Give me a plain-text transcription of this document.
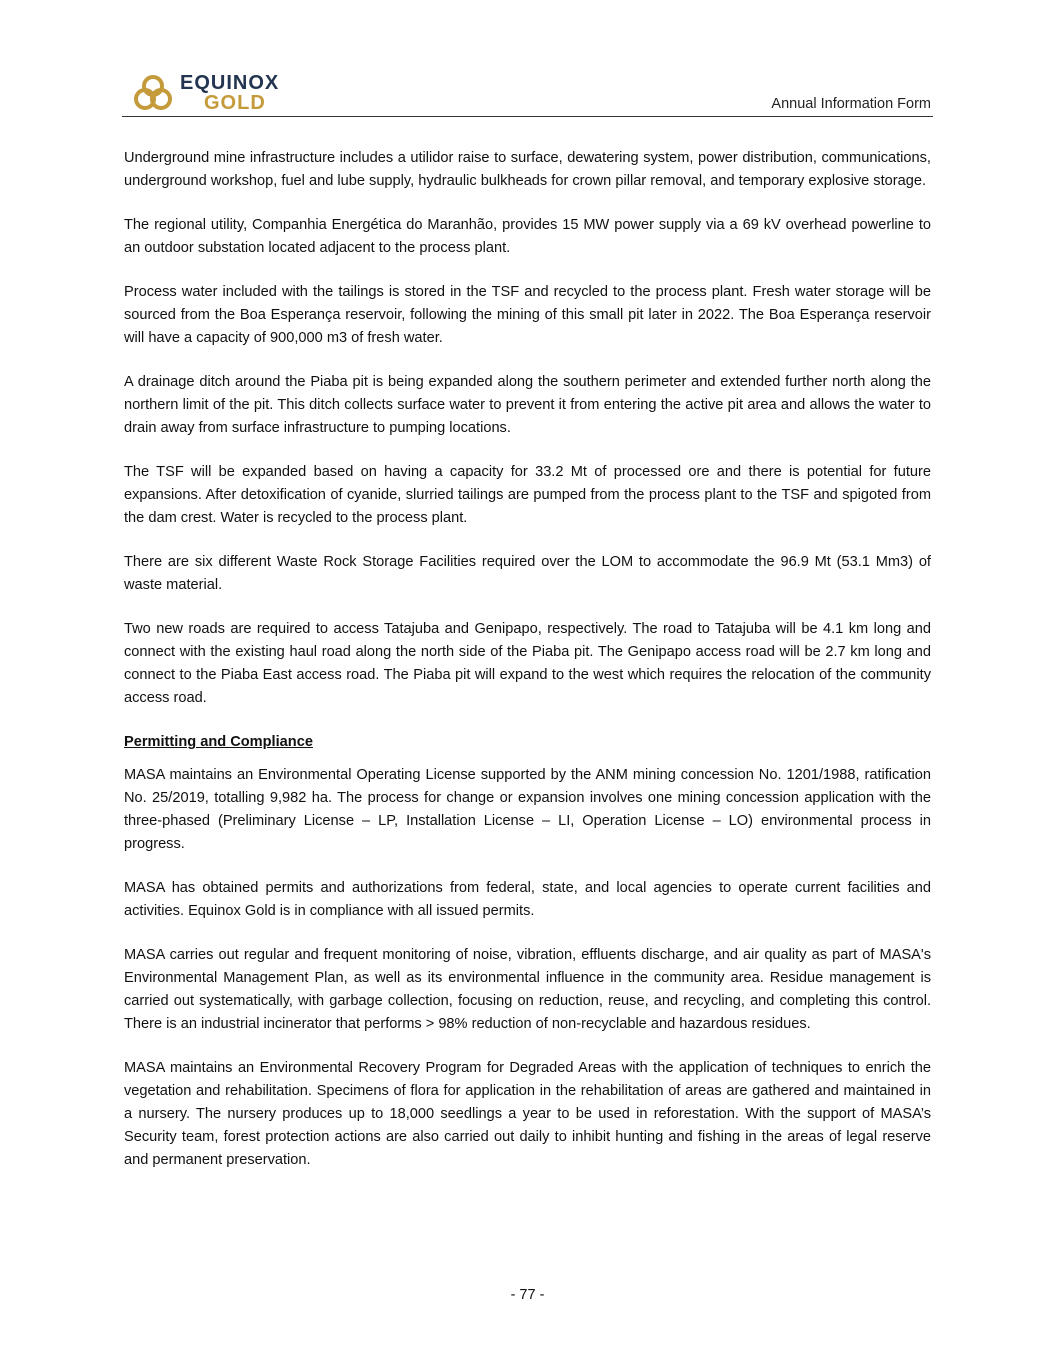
EQUINOX
GOLD	Annual Information Form

Underground mine infrastructure includes a utilidor raise to surface, dewatering system, power distribution, communications, underground workshop, fuel and lube supply, hydraulic bulkheads for crown pillar removal, and temporary explosive storage.

The regional utility, Companhia Energética do Maranhão, provides 15 MW power supply via a 69 kV overhead powerline to an outdoor substation located adjacent to the process plant.

Process water included with the tailings is stored in the TSF and recycled to the process plant. Fresh water storage will be sourced from the Boa Esperança reservoir, following the mining of this small pit later in 2022. The Boa Esperança reservoir will have a capacity of 900,000 m3 of fresh water.

A drainage ditch around the Piaba pit is being expanded along the southern perimeter and extended further north along the northern limit of the pit. This ditch collects surface water to prevent it from entering the active pit area and allows the water to drain away from surface infrastructure to pumping locations.

The TSF will be expanded based on having a capacity for 33.2 Mt of processed ore and there is potential for future expansions. After detoxification of cyanide, slurried tailings are pumped from the process plant to the TSF and spigoted from the dam crest. Water is recycled to the process plant.

There are six different Waste Rock Storage Facilities required over the LOM to accommodate the 96.9 Mt (53.1 Mm3) of waste material.

Two new roads are required to access Tatajuba and Genipapo, respectively. The road to Tatajuba will be 4.1 km long and connect with the existing haul road along the north side of the Piaba pit. The Genipapo access road will be 2.7 km long and connect to the Piaba East access road. The Piaba pit will expand to the west which requires the relocation of the community access road.

Permitting and Compliance

MASA maintains an Environmental Operating License supported by the ANM mining concession No. 1201/1988, ratification No. 25/2019, totalling 9,982 ha. The process for change or expansion involves one mining concession application with the three-phased (Preliminary License – LP, Installation License – LI, Operation License – LO) environmental process in progress.

MASA has obtained permits and authorizations from federal, state, and local agencies to operate current facilities and activities. Equinox Gold is in compliance with all issued permits.

MASA carries out regular and frequent monitoring of noise, vibration, effluents discharge, and air quality as part of MASA's Environmental Management Plan, as well as its environmental influence in the community area. Residue management is carried out systematically, with garbage collection, focusing on reduction, reuse, and recycling, and completing this control. There is an industrial incinerator that performs > 98% reduction of non-recyclable and hazardous residues.

MASA maintains an Environmental Recovery Program for Degraded Areas with the application of techniques to enrich the vegetation and rehabilitation. Specimens of flora for application in the rehabilitation of areas are gathered and maintained in a nursery. The nursery produces up to 18,000 seedlings a year to be used in reforestation. With the support of MASA’s Security team, forest protection actions are also carried out daily to inhibit hunting and fishing in the areas of legal reserve and permanent preservation.

- 77 -
